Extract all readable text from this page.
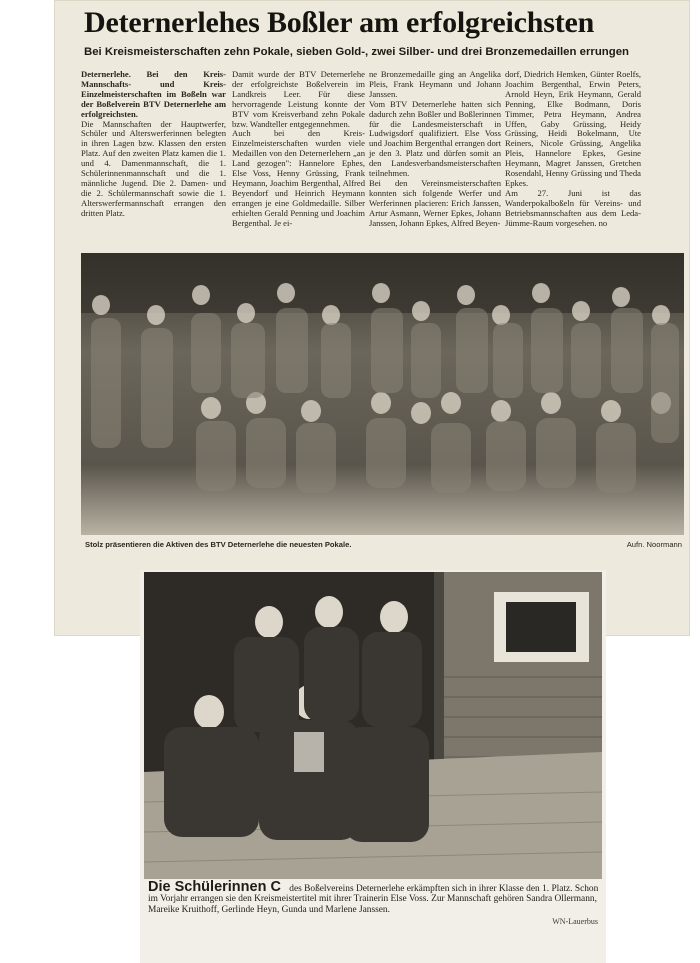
Deternerlehes Boßler am erfolgreichsten
Bei Kreismeisterschaften zehn Pokale, sieben Gold-, zwei Silber- und drei Bronzemedaillen errungen

Deternerlehe. Bei den Kreis-Mannschafts- und Kreis-Einzelmeisterschaften im Boßeln war der Boßelverein BTV Deternerlehe am erfolgreichsten.

Die Mannschaften der Hauptwerfer, Schüler und Alterswerferinnen belegten in ihren Lagen bzw. Klassen den ersten Platz. Auf den zweiten Platz kamen die 1. und 4. Damenmannschaft, die 1. Schülerinnenmannschaft und die 1. männliche Jugend. Die 2. Damen- und die 2. Schülermannschaft sowie die 1. Alterswerfermannschaft errangen den dritten Platz.

Damit wurde der BTV Deternerlehe der erfolgreichste Boßelverein im Landkreis Leer. Für diese hervorragende Leistung konnte der BTV vom Kreisverband zehn Pokale bzw. Wandteller entgegennehmen.

Auch bei den Kreis-Einzelmeisterschaften wurden viele Medaillen von den Deternerlehern „an Land gezogen": Hannelore Ephes, Else Voss, Henny Grüssing, Frank Heymann, Joachim Bergenthal, Alfred Beyendorf und Heinrich Heymann errangen je eine Goldmedaille. Silber erhielten Gerald Penning und Joachim Bergenthal. Je ei-

ne Bronzemedaille ging an Angelika Pleis, Frank Heymann und Johann Janssen.

Vom BTV Deternerlehe hatten sich dadurch zehn Boßler und Boßlerinnen für die Landesmeisterschaft in Ludwigsdorf qualifiziert. Else Voss und Joachim Bergenthal errangen dort je den 3. Platz und dürfen somit an den Landesverbandsmeisterschaften teilnehmen.

Bei den Vereinsmeisterschaften konnten sich folgende Werfer und Werferinnen placieren: Erich Janssen, Artur Asmann, Werner Epkes, Johann Janssen, Johann Epkes, Alfred Beyen-

dorf, Diedrich Hemken, Günter Roelfs, Joachim Bergenthal, Erwin Peters, Arnold Heyn, Erik Heymann, Gerald Penning, Elke Bodmann, Doris Timmer, Petra Heymann, Andrea Uffen, Gaby Grüssing, Heidy Grüssing, Heidi Bokelmann, Ute Reiners, Nicole Grüssing, Angelika Pleis, Hannelore Epkes, Gesine Heymann, Magret Janssen, Gretchen Rosendahl, Henny Grüssing und Theda Epkes.

Am 27. Juni ist das Wanderpokalboßeln für Vereins- und Betriebsmannschaften aus dem Leda-Jümme-Raum vorgesehen. no

Stolz präsentieren die Aktiven des BTV Deternerlehe die neuesten Pokale.	Aufn. Noormann
Die Schülerinnen C des Boßelvereins Deternerlehe erkämpften sich in ihrer Klasse den 1. Platz. Schon im Vorjahr errangen sie den Kreismeistertitel mit ihrer Trainerin Else Voss. Zur Mannschaft gehören Sandra Ollermann, Mareike Kruithoff, Gerlinde Heyn, Gunda und Marlene Janssen.
WN-Lauerbus
